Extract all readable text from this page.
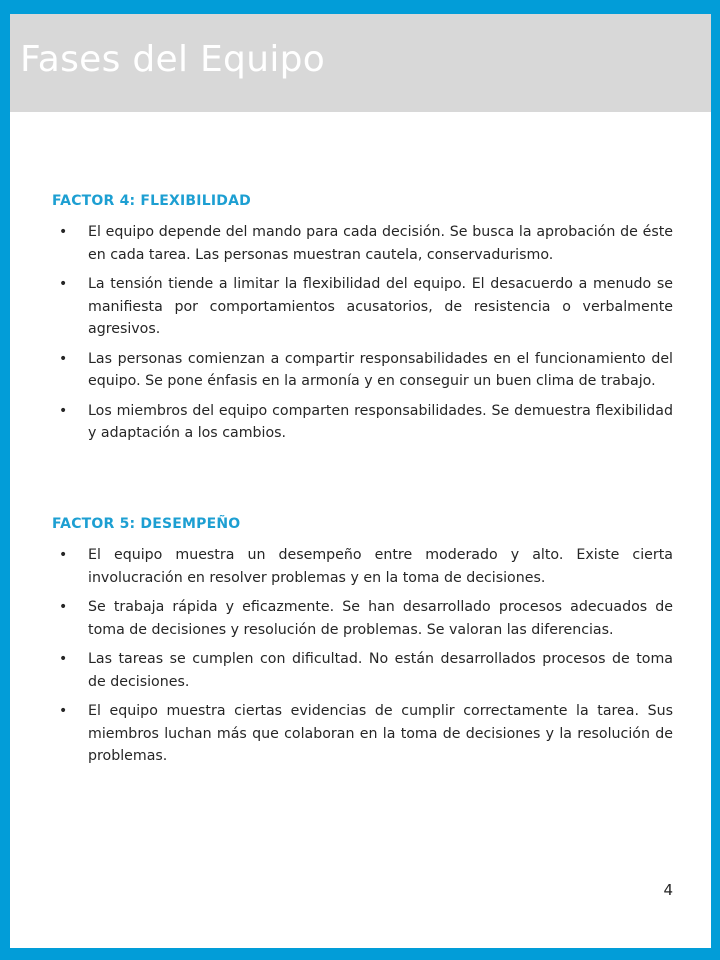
Fases del Equipo
FACTOR 4: FLEXIBILIDAD
• El equipo depende del mando para cada decisión. Se busca la aprobación de éste en cada tarea. Las personas muestran cautela, conservadurismo.
• La tensión tiende a limitar la flexibilidad del equipo. El desacuerdo a menudo se manifiesta por comportamientos acusatorios, de resistencia o verbalmente agresivos.
• Las personas comienzan a compartir responsabilidades en el funcionamiento del equipo. Se pone énfasis en la armonía y en conseguir un buen clima de trabajo.
• Los miembros del equipo comparten responsabilidades. Se demuestra flexibilidad y adaptación a los cambios.
FACTOR 5: DESEMPEÑO
• El equipo muestra un desempeño entre moderado y alto. Existe cierta involucración en resolver problemas y en la toma de decisiones.
• Se trabaja rápida y eficazmente. Se han desarrollado procesos adecuados de toma de decisiones y resolución de problemas. Se valoran las diferencias.
• Las tareas se cumplen con dificultad. No están desarrollados procesos de toma de decisiones.
• El equipo muestra ciertas evidencias de cumplir correctamente la tarea. Sus miembros luchan más que colaboran en la toma de decisiones y la resolución de problemas.
4
